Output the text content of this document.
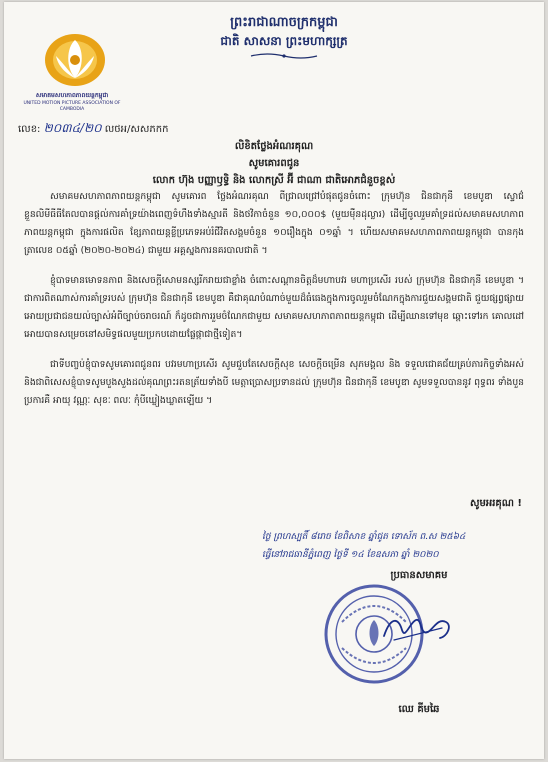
ព្រះរាជាណាចក្រកម្ពុជា
ជាតិ សាសនា ព្រះមហាក្សត្រ
សមាគមសហភាពភាពយន្តកម្ពុជា
UNITED MOTION PICTURE ASSOCIATION OF CAMBODIA
លេខ: ២០៣៤/២០ លថអ/សសភកក
លិខិតថ្លែងអំណរគុណ
សូមគោរពជូន
លោក ហ៊ុង បញ្ញាឫទ្ធិ និង លោកស្រី អ៊ី ជាណា ជាតិអោភជំនួចខ្ពស់

សមាគមសហភាពភាពយន្តកម្ពុជា សូមគោរព ថ្លែងអំណរគុណ ពីជ្រាលជ្រៅបំផុតជូនចំពោះ ក្រុមហ៊ុន ជិនជាកុនី ខេមបូឌា ស្ទោជ៌ខ្លួនលិមីធីធីតែលបានផ្តល់ការគាំទ្រយ៉ាងពេញទំហឹងទាំងស្មារតី និងថវិកាចំនួន ១០,០០០$ (មួយម៉ឺនដុល្លារ) ដើម្បីចូលរួមគាំទ្រដល់សមាគមសហភាពភាពយន្តកម្ពុជា ក្នុងការផលិត ខ្សែភាពយន្តខ្លីប្រភេទអប់រំជីវិតសង្គមចំនួន ១០រឿងក្នុង ០១ឆ្នាំ ។ ហើយសមាគមសហភាពភាពយន្តកម្ពុជា បានកុងត្រាលេខ ០៥ឆ្នាំ (២០២០-២០២៤) ជាមួយ អគ្គស្នងការនគរបាលជាតិ ។

ខ្ញុំបាទមានមោទនភាព និងសេចក្តីសោមនស្សរីករាយជាខ្លាំង ចំពោះសណ្តានចិត្តដ៏មហាបវរ មហាប្រសើរ របស់ ក្រុមហ៊ុន ជិនជាកុនី ខេមបូឌា ។ ជាការពិតណាស់ការគាំទ្ររបស់ ក្រុមហ៊ុន ជិនជាកុនី ខេមបូឌា គឺជាគុណបំណាច់មួយដ៏ធំធេងក្នុងការចូលរួមចំណែកក្នុងការជួយសង្គមជាតិ ជួយផ្សព្វផ្សាយ អោយប្រជាជនយល់ច្បាស់អំពីច្បាប់ចរាចរណ៍ ក៏ដូចជាការរួមចំណែកជាមួយ សមាគមសហភាពភាពយន្តកម្ពុជា ដើម្បីឈានទៅមុខ ឆ្ពោះទៅរក គោលដៅ អោយបានសម្រេចនៅសមិទ្ធផលមួយប្រកបដោយផ្លែផ្កាជាថ្មីទៀត។

ជាទីបញ្ចប់ខ្ញុំបាទសូមគោរពជូនពរ បវរមហាប្រសើរ សូមជួបតែសេចក្តីសុខ សេចក្តីចម្រើន សុភមង្គល និង ទទួលជោគជ័យគ្រប់ភារកិច្ចទាំងអស់ និងជាពិសេសខ្ញុំបាទសូមបួងសួងដល់គុណព្រះរតនត្រ័យទាំងបី មេត្តាប្រោសប្រទានដល់ ក្រុមហ៊ុន ជិនជាកុនី ខេមបូឌា សូមទទួលបាននូវ ពុទ្ធពរ ទាំងបួនប្រការគឺ អាយុ វណ្ណៈ សុខៈ ពលៈ កុំបីឃ្លៀងឃ្លាតឡើយ ។

សូមអរគុណ !
ថ្ងៃ ព្រហស្បតិ៍ ៨រោច ខែពិសាខ ឆ្នាំជូត ទោស័ក ព.ស ២៥៦៤
ធ្វើនៅរាជធានីភ្នំពេញ ថ្ងៃទី ១៤ ខែឧសភា ឆ្នាំ ២០២០
ប្រធានសមាគម
ឈេ គីមឆៃ
